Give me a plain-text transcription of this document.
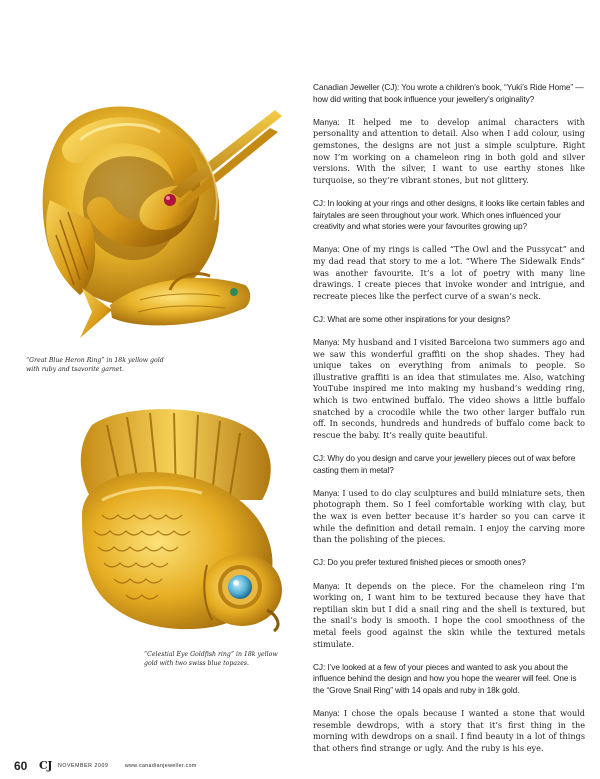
“Great Blue Heron Ring” in 18k yellow gold with ruby and tsavorite garnet.
“Celestial Eye Goldfish ring” in 18k yellow gold with two swiss blue topazes.

Canadian Jeweller (CJ): You wrote a children’s book, “Yuki’s Ride Home” — how did writing that book influence your jewellery’s originality?

Manya: It helped me to develop animal characters with personality and attention to detail. Also when I add colour, using gemstones, the designs are not just a simple sculpture. Right now I’m working on a chameleon ring in both gold and silver versions. With the silver, I want to use earthy stones like turquoise, so they’re vibrant stones, but not glittery.

CJ: In looking at your rings and other designs, it looks like certain fables and fairytales are seen throughout your work. Which ones influenced your creativity and what stories were your favourites growing up?

Manya: One of my rings is called “The Owl and the Pussycat” and my dad read that story to me a lot. “Where The Sidewalk Ends” was another favourite. It’s a lot of poetry with many line drawings. I create pieces that invoke wonder and intrigue, and recreate pieces like the perfect curve of a swan’s neck.

CJ: What are some other inspirations for your designs?

Manya: My husband and I visited Barcelona two summers ago and we saw this wonderful graffiti on the shop shades. They had unique takes on everything from animals to people. So illustrative graffiti is an idea that stimulates me. Also, watching YouTube inspired me into making my husband’s wedding ring, which is two entwined buffalo. The video shows a little buffalo snatched by a crocodile while the two other larger buffalo run off. In seconds, hundreds and hundreds of buffalo come back to rescue the baby. It’s really quite beautiful.

CJ: Why do you design and carve your jewellery pieces out of wax before casting them in metal?

Manya: I used to do clay sculptures and build miniature sets, then photograph them. So I feel comfortable working with clay, but the wax is even better because it’s harder so you can carve it while the definition and detail remain. I enjoy the carving more than the polishing of the pieces.

CJ: Do you prefer textured finished pieces or smooth ones?

Manya: It depends on the piece. For the chameleon ring I’m working on, I want him to be textured because they have that reptilian skin but I did a snail ring and the shell is textured, but the snail’s body is smooth. I hope the cool smoothness of the metal feels good against the skin while the textured metals stimulate.

CJ: I’ve looked at a few of your pieces and wanted to ask you about the influence behind the design and how you hope the wearer will feel. One is the “Grove Snail Ring” with 14 opals and ruby in 18k gold.

Manya: I chose the opals because I wanted a stone that would resemble dewdrops, with a story that it’s first thing in the morning with dewdrops on a snail. I find beauty in a lot of things that others find strange or ugly. And the ruby is his eye.

60 CJ NOVEMBER 2009	www.canadianjeweller.com
